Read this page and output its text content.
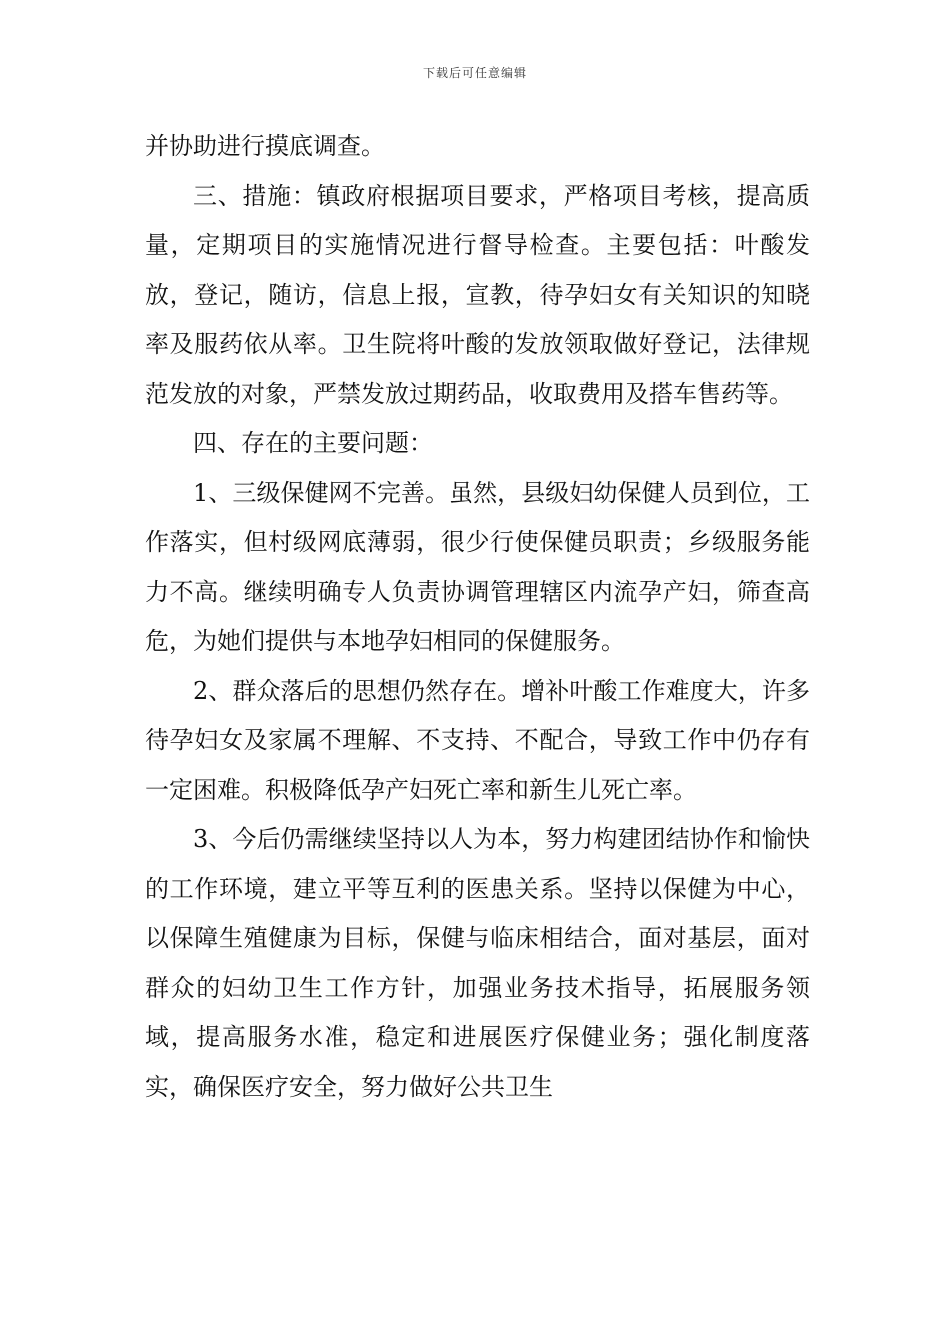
下载后可任意编辑

并协助进行摸底调查。

三、措施：镇政府根据项目要求，严格项目考核，提高质量，定期项目的实施情况进行督导检查。主要包括：叶酸发放，登记，随访，信息上报，宣教，待孕妇女有关知识的知晓率及服药依从率。卫生院将叶酸的发放领取做好登记，法律规范发放的对象，严禁发放过期药品，收取费用及搭车售药等。

四、存在的主要问题：

1、三级保健网不完善。虽然，县级妇幼保健人员到位，工作落实，但村级网底薄弱，很少行使保健员职责；乡级服务能力不高。继续明确专人负责协调管理辖区内流孕产妇，筛查高危，为她们提供与本地孕妇相同的保健服务。

2、群众落后的思想仍然存在。增补叶酸工作难度大，许多待孕妇女及家属不理解、不支持、不配合，导致工作中仍存有一定困难。积极降低孕产妇死亡率和新生儿死亡率。

3、今后仍需继续坚持以人为本，努力构建团结协作和愉快的工作环境，建立平等互利的医患关系。坚持以保健为中心，以保障生殖健康为目标，保健与临床相结合，面对基层，面对群众的妇幼卫生工作方针，加强业务技术指导，拓展服务领域，提高服务水准，稳定和进展医疗保健业务；强化制度落实，确保医疗安全，努力做好公共卫生
